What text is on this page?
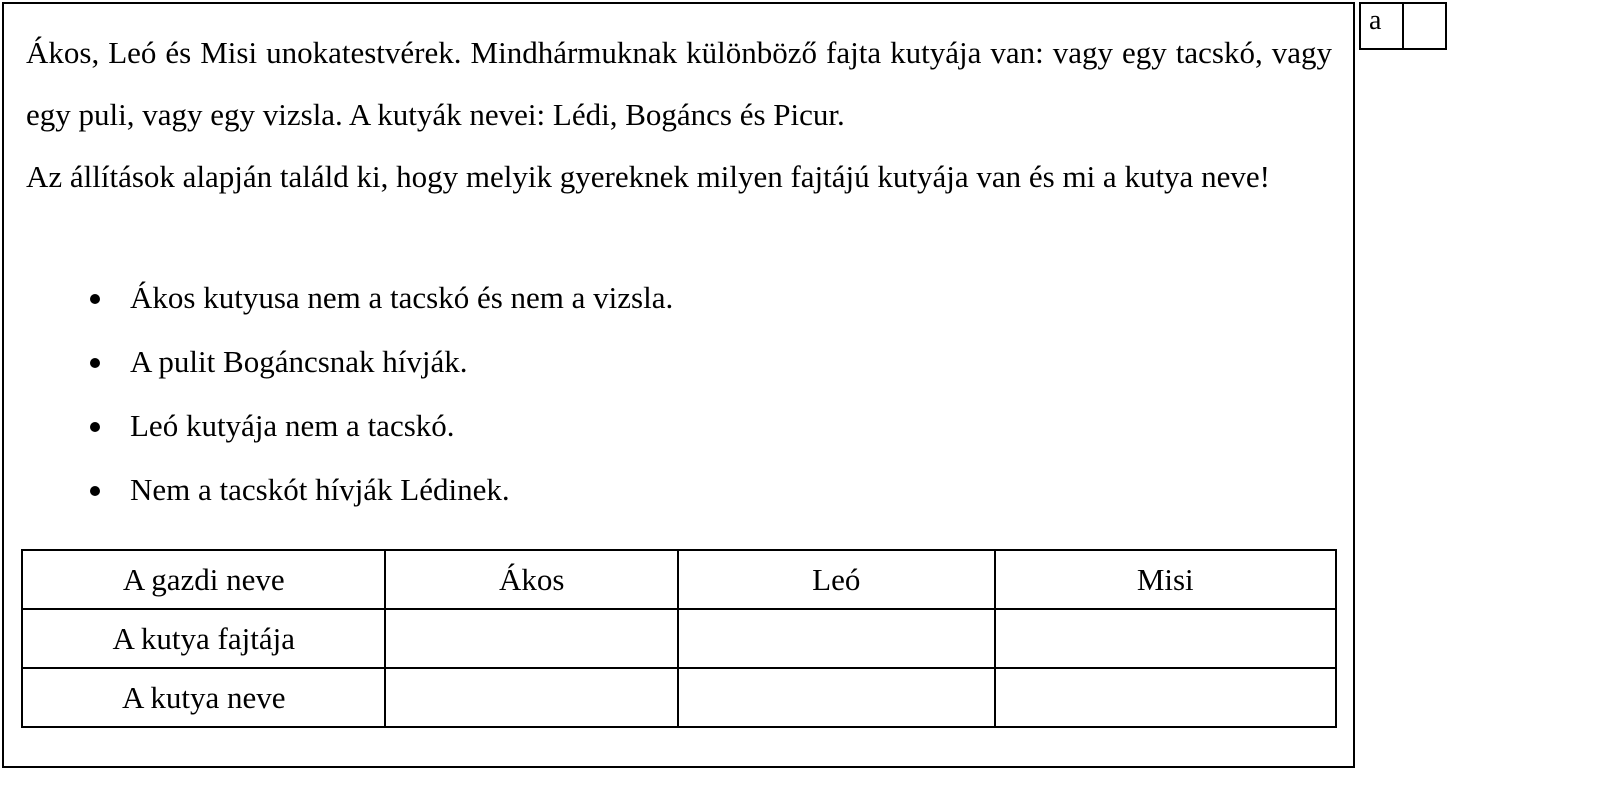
a

Ákos, Leó és Misi unokatestvérek. Mindhármuknak különböző fajta kutyája van: vagy egy tacskó, vagy egy puli, vagy egy vizsla. A kutyák nevei: Lédi, Bogáncs és Picur.

Az állítások alapján találd ki, hogy melyik gyereknek milyen fajtájú kutyája van és mi a kutya neve!

Ákos kutyusa nem a tacskó és nem a vizsla.
A pulit Bogáncsnak hívják.
Leó kutyája nem a tacskó.
Nem a tacskót hívják Lédinek.
A gazdi neve	Ákos	Leó	Misi
A kutya fajtája			
A kutya neve			
